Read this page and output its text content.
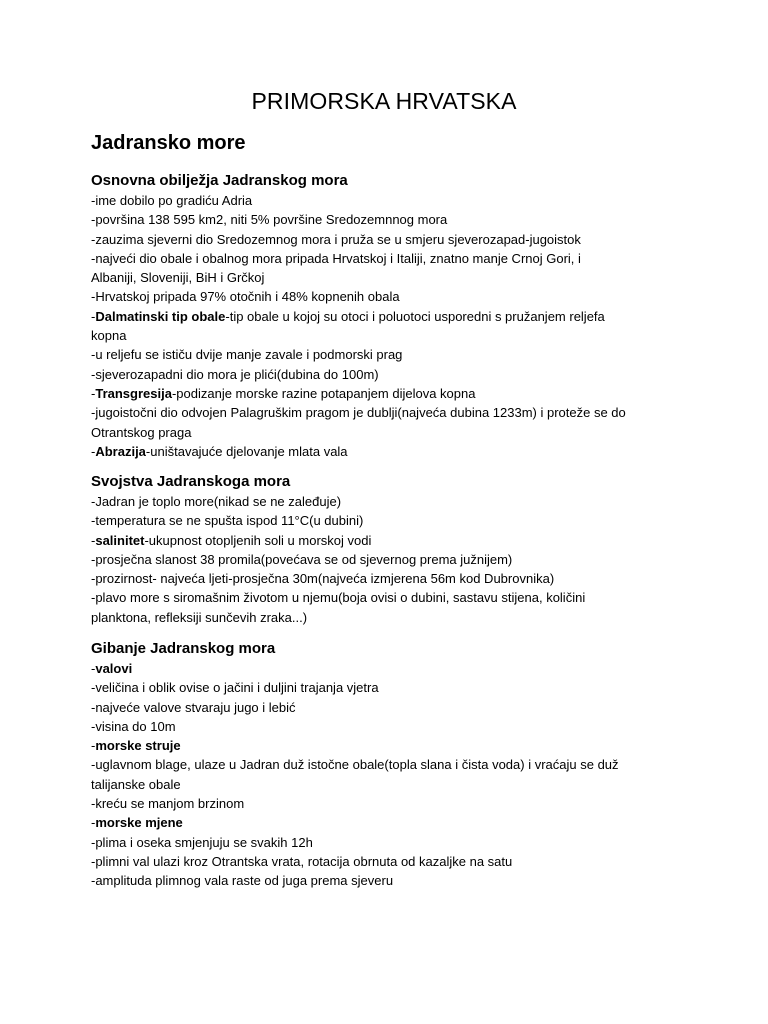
PRIMORSKA HRVATSKA
Jadransko more
Osnovna obilježja Jadranskog mora

-ime dobilo po gradiću Adria

-površina 138 595 km2, niti 5% površine Sredozemnnog mora

-zauzima sjeverni dio Sredozemnog mora i pruža se u smjeru sjeverozapad-jugoistok

-najveći dio obale i obalnog mora pripada Hrvatskoj i Italiji, znatno manje Crnoj Gori, i

Albaniji, Sloveniji, BiH i Grčkoj

-Hrvatskoj pripada 97% otočnih i 48% kopnenih obala

-Dalmatinski tip obale-tip obale u kojoj su otoci i poluotoci usporedni s pružanjem reljefa

kopna

-u reljefu se ističu dvije manje zavale i podmorski prag

-sjeverozapadni dio mora je plići(dubina do 100m)

-Transgresija-podizanje morske razine potapanjem dijelova kopna

-jugoistočni dio odvojen Palagruškim pragom je dublji(najveća dubina 1233m) i proteže se do

Otrantskog praga

-Abrazija-uništavajuće djelovanje mlata vala

Svojstva Jadranskoga mora

-Jadran je toplo more(nikad se ne zaleđuje)

-temperatura se ne spušta ispod 11°C(u dubini)

-salinitet-ukupnost otopljenih soli u morskoj vodi

-prosječna slanost 38 promila(povećava se od sjevernog prema južnijem)

-prozirnost- najveća ljeti-prosječna 30m(najveća izmjerena 56m kod Dubrovnika)

-plavo more s siromašnim životom u njemu(boja ovisi o dubini, sastavu stijena, količini

planktona, refleksiji sunčevih zraka...)

Gibanje Jadranskog mora

-valovi

-veličina i oblik ovise o jačini i duljini trajanja vjetra

-najveće valove stvaraju jugo i lebić

-visina do 10m

-morske struje

-uglavnom blage, ulaze u Jadran duž istočne obale(topla slana i čista voda) i vraćaju se duž

talijanske obale

-kreću se manjom brzinom

-morske mjene

-plima i oseka smjenjuju se svakih 12h

-plimni val ulazi kroz Otrantska vrata, rotacija obrnuta od kazaljke na satu

-amplituda plimnog vala raste od juga prema sjeveru
